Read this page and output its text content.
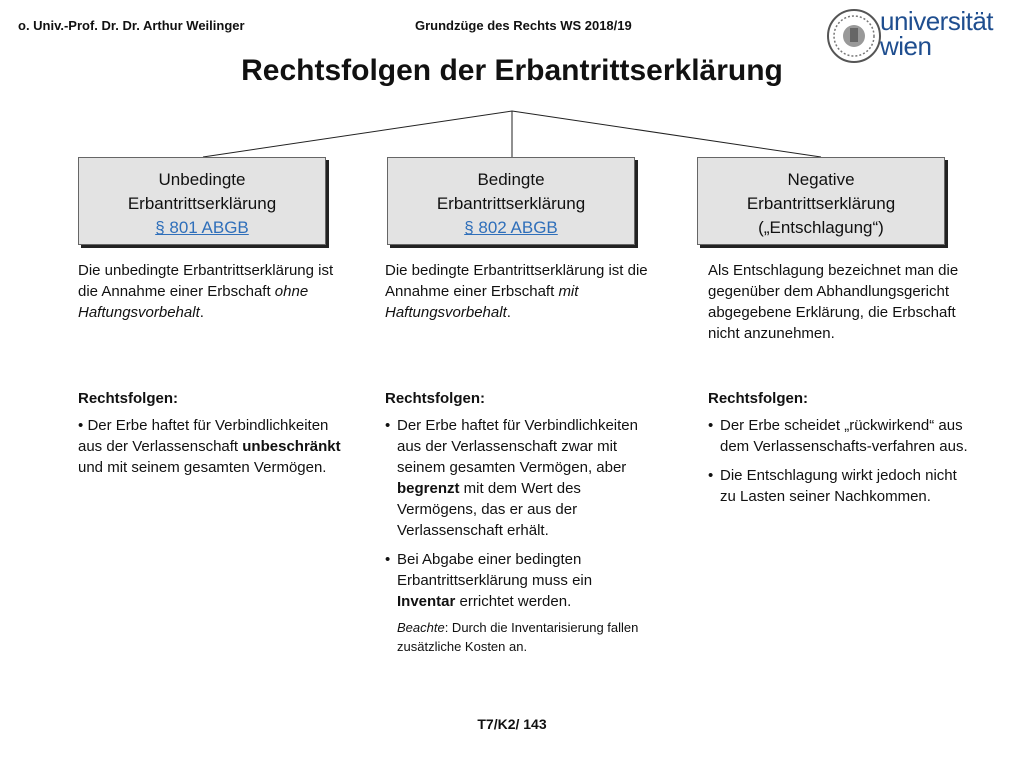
o. Univ.-Prof. Dr. Dr. Arthur Weilinger	Grundzüge des Rechts WS 2018/19	universität
wien
Rechtsfolgen der Erbantrittserklärung
Unbedingte
Erbantrittserklärung
§ 801 ABGB
Bedingte
Erbantrittserklärung
§ 802 ABGB
Negative
Erbantrittserklärung
(„Entschlagung“)
Die unbedingte Erbantrittserklärung ist die Annahme einer Erbschaft ohne Haftungsvorbehalt.
Rechtsfolgen:
• Der Erbe haftet für Verbindlichkeiten aus der Verlassenschaft unbeschränkt und mit seinem gesamten Vermögen.
Die bedingte Erbantrittserklärung ist die Annahme einer Erbschaft mit Haftungsvorbehalt.
Rechtsfolgen:
• Der Erbe haftet für Verbindlichkeiten aus der Verlassenschaft zwar mit seinem gesamten Vermögen, aber begrenzt mit dem Wert des Vermögens, das er aus der Verlassenschaft erhält.
• Bei Abgabe einer bedingten Erbantrittserklärung muss ein Inventar errichtet werden.
Beachte: Durch die Inventarisierung fallen zusätzliche Kosten an.
Als Entschlagung bezeichnet man die gegenüber dem Abhandlungsgericht abgegebene Erklärung, die Erbschaft nicht anzunehmen.
Rechtsfolgen:
• Der Erbe scheidet „rückwirkend“ aus dem Verlassenschafts-verfahren aus.
• Die Entschlagung wirkt jedoch nicht zu Lasten seiner Nachkommen.
T7/K2/ 143
